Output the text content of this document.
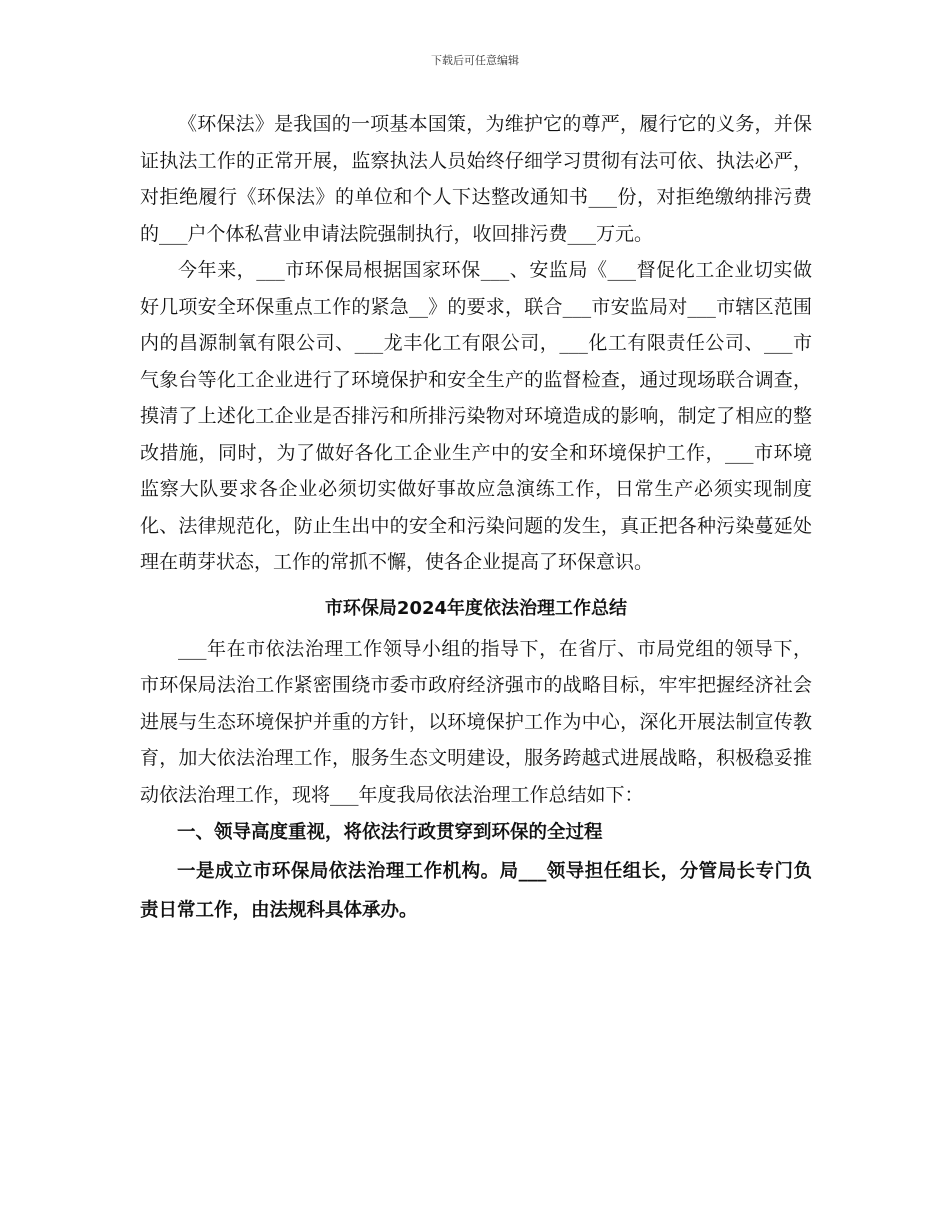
下载后可任意编辑

《环保法》是我国的一项基本国策，为维护它的尊严，履行它的义务，并保证执法工作的正常开展，监察执法人员始终仔细学习贯彻有法可依、执法必严，对拒绝履行《环保法》的单位和个人下达整改通知书___份，对拒绝缴纳排污费的___户个体私营业申请法院强制执行，收回排污费___万元。

今年来，___市环保局根据国家环保___、安监局《___督促化工企业切实做好几项安全环保重点工作的紧急__》的要求，联合___市安监局对___市辖区范围内的昌源制氧有限公司、___龙丰化工有限公司，___化工有限责任公司、___市气象台等化工企业进行了环境保护和安全生产的监督检查，通过现场联合调查，摸清了上述化工企业是否排污和所排污染物对环境造成的影响，制定了相应的整改措施，同时，为了做好各化工企业生产中的安全和环境保护工作，___市环境监察大队要求各企业必须切实做好事故应急演练工作，日常生产必须实现制度化、法律规范化，防止生出中的安全和污染问题的发生，真正把各种污染蔓延处理在萌芽状态，工作的常抓不懈，使各企业提高了环保意识。

市环保局2024年度依法治理工作总结

___年在市依法治理工作领导小组的指导下，在省厅、市局党组的领导下，市环保局法治工作紧密围绕市委市政府经济强市的战略目标，牢牢把握经济社会进展与生态环境保护并重的方针，以环境保护工作为中心，深化开展法制宣传教育，加大依法治理工作，服务生态文明建设，服务跨越式进展战略，积极稳妥推动依法治理工作，现将___年度我局依法治理工作总结如下：

一、领导高度重视，将依法行政贯穿到环保的全过程

一是成立市环保局依法治理工作机构。局___领导担任组长，分管局长专门负责日常工作，由法规科具体承办。
